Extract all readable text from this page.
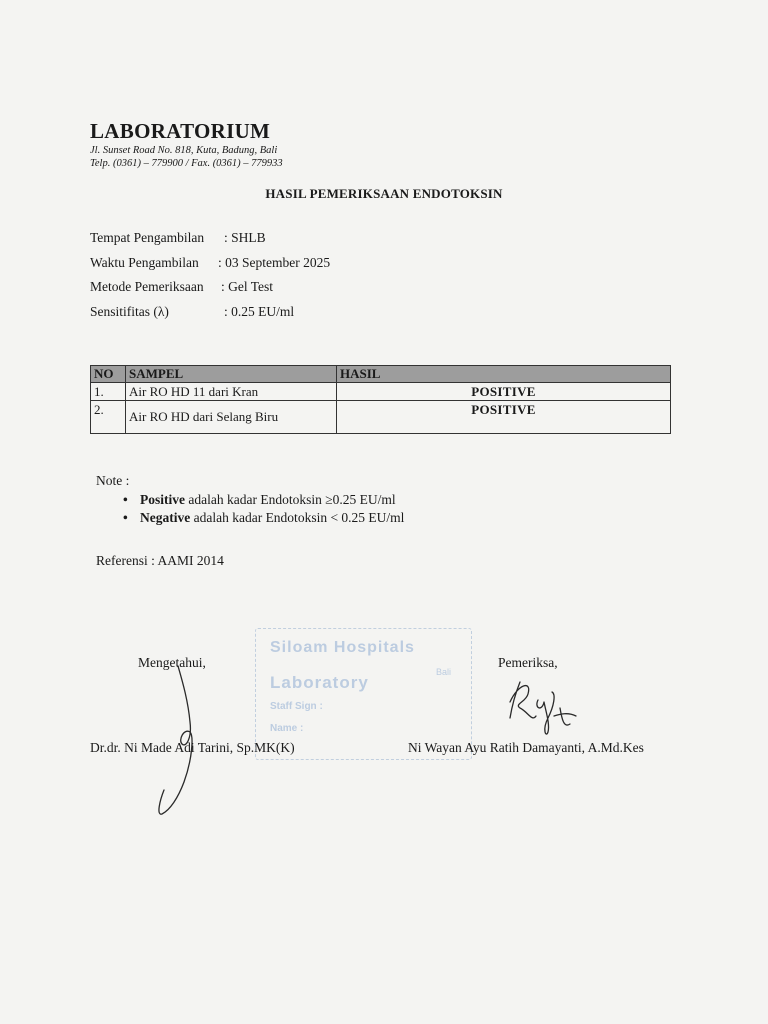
LABORATORIUM
Jl. Sunset Road No. 818, Kuta, Badung, Bali
Telp. (0361) – 779900 / Fax. (0361) – 779933
HASIL PEMERIKSAAN ENDOTOKSIN
Tempat Pengambilan : SHLB
Waktu Pengambilan : 03 September 2025
Metode Pemeriksaan : Gel Test
Sensitifitas (λ)	: 0.25 EU/ml
NO	SAMPEL	HASIL
1.	Air RO HD 11 dari Kran	POSITIVE
2.	Air RO HD dari Selang Biru	POSITIVE
Note :
• Positive adalah kadar Endotoksin ≥0.25 EU/ml
• Negative adalah kadar Endotoksin < 0.25 EU/ml
Referensi : AAMI 2014
Siloam Hospitals
Bali
Laboratory
Staff Sign :
Name :
Mengetahui,	Pemeriksa,
Dr.dr. Ni Made Adi Tarini, Sp.MK(K)	Ni Wayan Ayu Ratih Damayanti, A.Md.Kes
